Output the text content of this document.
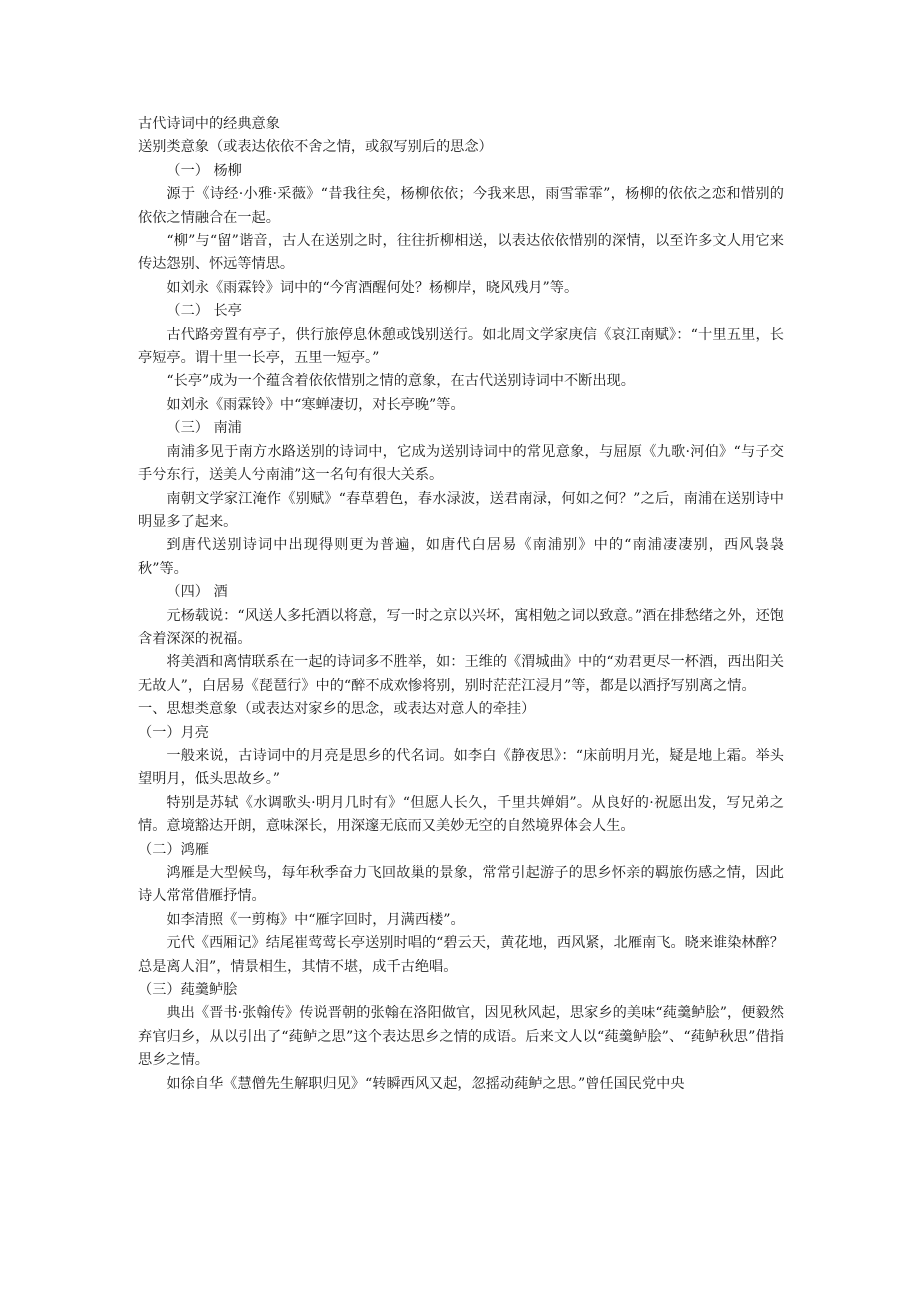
古代诗词中的经典意象

送别类意象（或表达依依不舍之情，或叙写别后的思念）

（一） 杨柳

源于《诗经·小雅·采薇》“昔我往矣，杨柳依依；今我来思，雨雪霏霏”，杨柳的依依之恋和惜别的依依之情融合在一起。

“柳”与“留”谐音，古人在送别之时，往往折柳相送，以表达依依惜别的深情，以至许多文人用它来传达怨别、怀远等情思。

如刘永《雨霖铃》词中的“今宵酒醒何处？杨柳岸，晓风残月”等。

（二） 长亭

古代路旁置有亭子，供行旅停息休憩或饯别送行。如北周文学家庚信《哀江南赋》：“十里五里，长亭短亭。谓十里一长亭，五里一短亭。”

“长亭”成为一个蕴含着依依惜别之情的意象，在古代送别诗词中不断出现。

如刘永《雨霖铃》中“寒蝉凄切，对长亭晚”等。

（三） 南浦

南浦多见于南方水路送别的诗词中，它成为送别诗词中的常见意象，与屈原《九歌·河伯》“与子交手兮东行，送美人兮南浦”这一名句有很大关系。

南朝文学家江淹作《别赋》“春草碧色，春水渌波，送君南渌，何如之何？”之后，南浦在送别诗中明显多了起来。

到唐代送别诗词中出现得则更为普遍，如唐代白居易《南浦别》中的“南浦凄凄别，西风袅袅秋”等。

（四） 酒

元杨载说：“风送人多托酒以将意，写一时之京以兴坏，寓相勉之词以致意。”酒在排愁绪之外，还饱含着深深的祝福。

将美酒和离情联系在一起的诗词多不胜举，如：王维的《渭城曲》中的“劝君更尽一杯酒，西出阳关无故人”，白居易《琵琶行》中的“醉不成欢惨将别，别时茫茫江浸月”等，都是以酒抒写别离之情。

一、思想类意象（或表达对家乡的思念，或表达对意人的牵挂）

（一）月亮

一般来说，古诗词中的月亮是思乡的代名词。如李白《静夜思》：“床前明月光，疑是地上霜。举头望明月，低头思故乡。”

特别是苏轼《水调歌头·明月几时有》“但愿人长久，千里共婵娟”。从良好的·祝愿出发，写兄弟之情。意境豁达开朗，意味深长，用深邃无底而又美妙无空的自然境界体会人生。

（二）鸿雁

鸿雁是大型候鸟，每年秋季奋力飞回故巢的景象，常常引起游子的思乡怀亲的羁旅伤感之情，因此诗人常常借雁抒情。

如李清照《一剪梅》中“雁字回时，月满西楼”。

元代《西厢记》结尾崔莺莺长亭送别时唱的“碧云天，黄花地，西风紧，北雁南飞。晓来谁染林醉？总是离人泪”，情景相生，其情不堪，成千古绝唱。

（三）莼羹鲈脍

典出《晋书·张翰传》传说晋朝的张翰在洛阳做官，因见秋风起，思家乡的美味“莼羹鲈脍”，便毅然弃官归乡，从以引出了“莼鲈之思”这个表达思乡之情的成语。后来文人以“莼羹鲈脍”、“莼鲈秋思”借指思乡之情。

如徐自华《慧僧先生解职归见》“转瞬西风又起，忽摇动莼鲈之思。”曾任国民党中央
